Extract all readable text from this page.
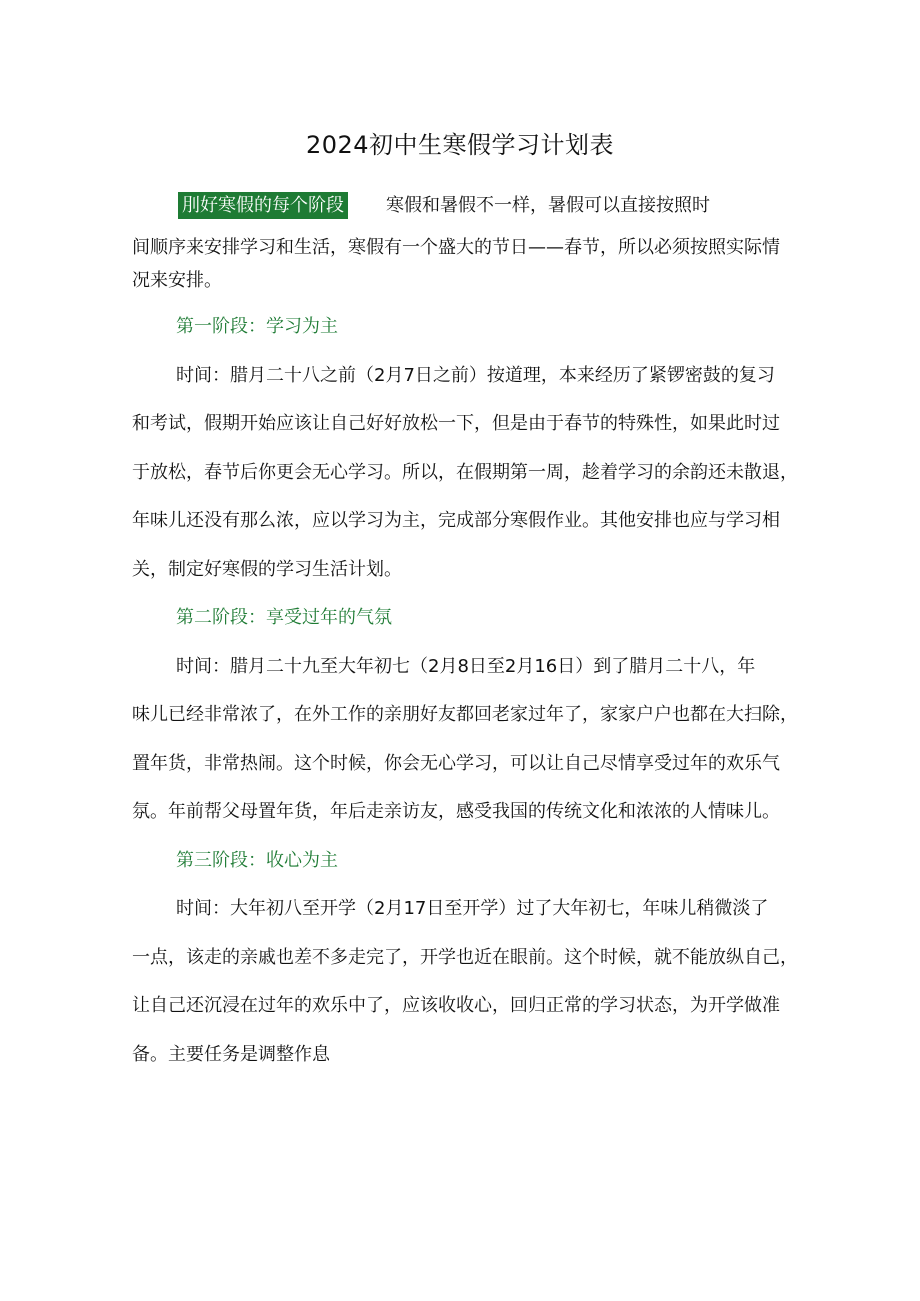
2024初中生寒假学习计划表
刖好寒假的每个阶段 寒假和暑假不一样，暑假可以直接按照时
间顺序来安排学习和生活，寒假有一个盛大的节日——春节，所以必须按照实际情
况来安排。
第一阶段：学习为主
时间：腊月二十八之前（2月7日之前）按道理，本来经历了紧锣密鼓的复习
和考试，假期开始应该让自己好好放松一下，但是由于春节的特殊性，如果此时过
于放松，春节后你更会无心学习。所以，在假期第一周，趁着学习的余韵还未散退，
年味儿还没有那么浓，应以学习为主，完成部分寒假作业。其他安排也应与学习相
关，制定好寒假的学习生活计划。
第二阶段：享受过年的气氛
时间：腊月二十九至大年初七（2月8日至2月16日）到了腊月二十八，年
味儿已经非常浓了，在外工作的亲朋好友都回老家过年了，家家户户也都在大扫除，
置年货，非常热闹。这个时候，你会无心学习，可以让自己尽情享受过年的欢乐气
氛。年前帮父母置年货，年后走亲访友，感受我国的传统文化和浓浓的人情味儿。
第三阶段：收心为主
时间：大年初八至开学（2月17日至开学）过了大年初七，年味儿稍微淡了
一点，该走的亲戚也差不多走完了，开学也近在眼前。这个时候，就不能放纵自己，
让自己还沉浸在过年的欢乐中了，应该收收心，回归正常的学习状态，为开学做准
备。主要任务是调整作息
